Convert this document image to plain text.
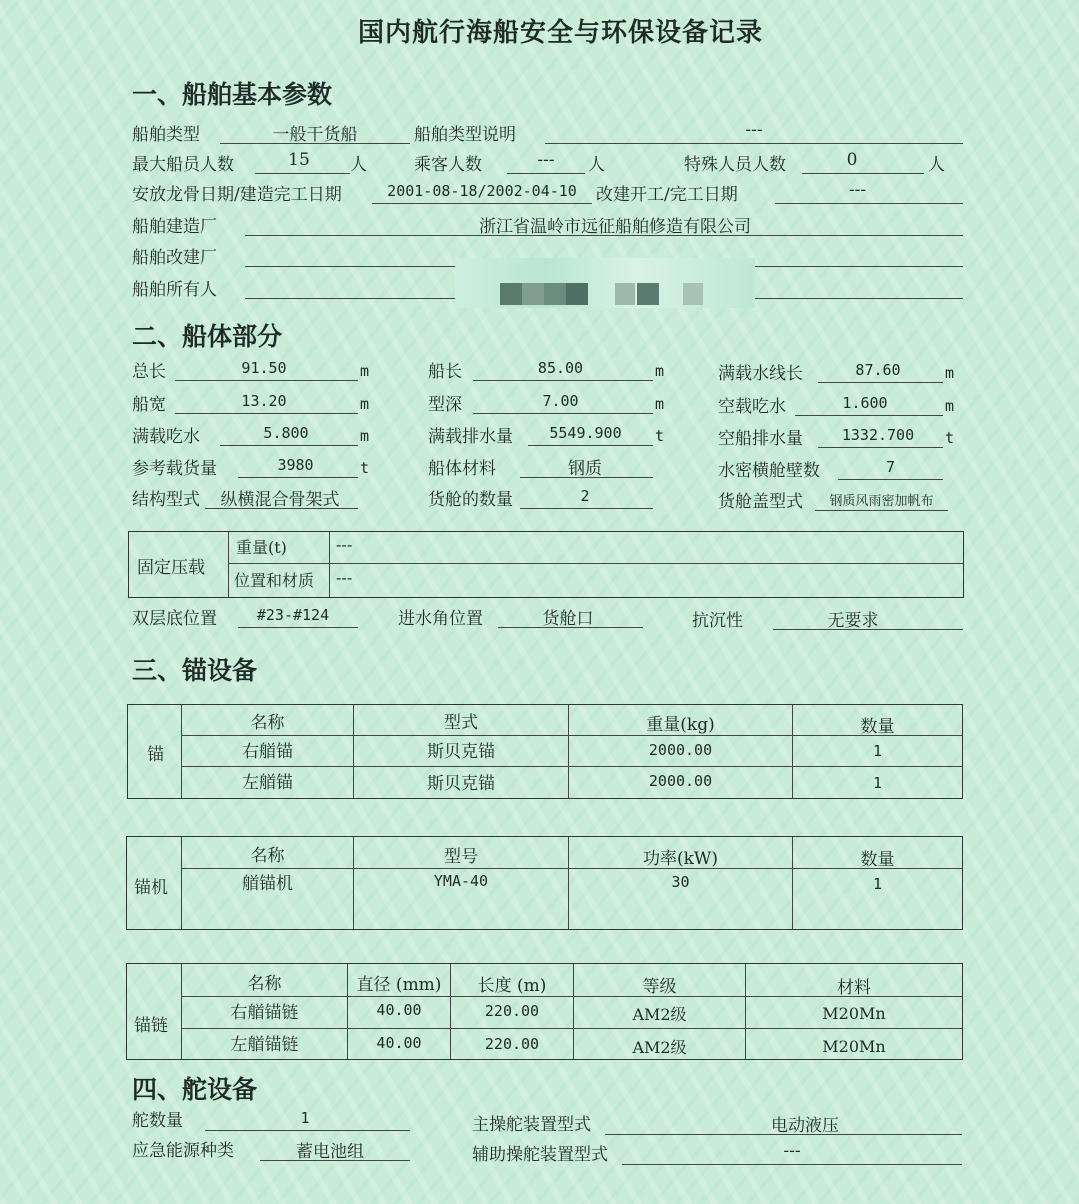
国内航行海船安全与环保设备记录
一、船舶基本参数
船舶类型	一般干货船	船舶类型说明	---
最大船员人数	15	人	乘客人数	---	人	特殊人员人数	0	人
安放龙骨日期/建造完工日期	2001-08-18/2002-04-10	改建开工/完工日期	---
船舶建造厂	浙江省温岭市远征船舶修造有限公司
船舶改建厂
船舶所有人
二、船体部分
总长	91.50	m	船长	85.00	m	满载水线长	87.60	m
船宽	13.20	m	型深	7.00	m	空载吃水	1.600	m
满载吃水	5.800	m	满载排水量	5549.900	t	空船排水量	1332.700	t
参考载货量	3980	t	船体材料	钢质	水密横舱壁数	7
结构型式	纵横混合骨架式	货舱的数量	2	货舱盖型式	钢质风雨密加帆布
固定压载
重量(t)	---
位置和材质 ---
双层底位置	#23-#124	进水角位置	货舱口	抗沉性	无要求
三、锚设备
锚
名称	型式	重量(kg)	数量
右艏锚	斯贝克锚	2000.00	1
左艏锚	斯贝克锚	2000.00	1
锚机
名称	型号	功率(kW)	数量
艏锚机	YMA-40	30	1
锚链
名称	直径 (mm)	长度 (m)	等级	材料
右艏锚链	40.00	220.00	AM2级	M20Mn
左艏锚链	40.00	220.00	AM2级	M20Mn
四、舵设备
舵数量	1	主操舵装置型式	电动液压
应急能源种类	蓄电池组	辅助操舵装置型式	---
